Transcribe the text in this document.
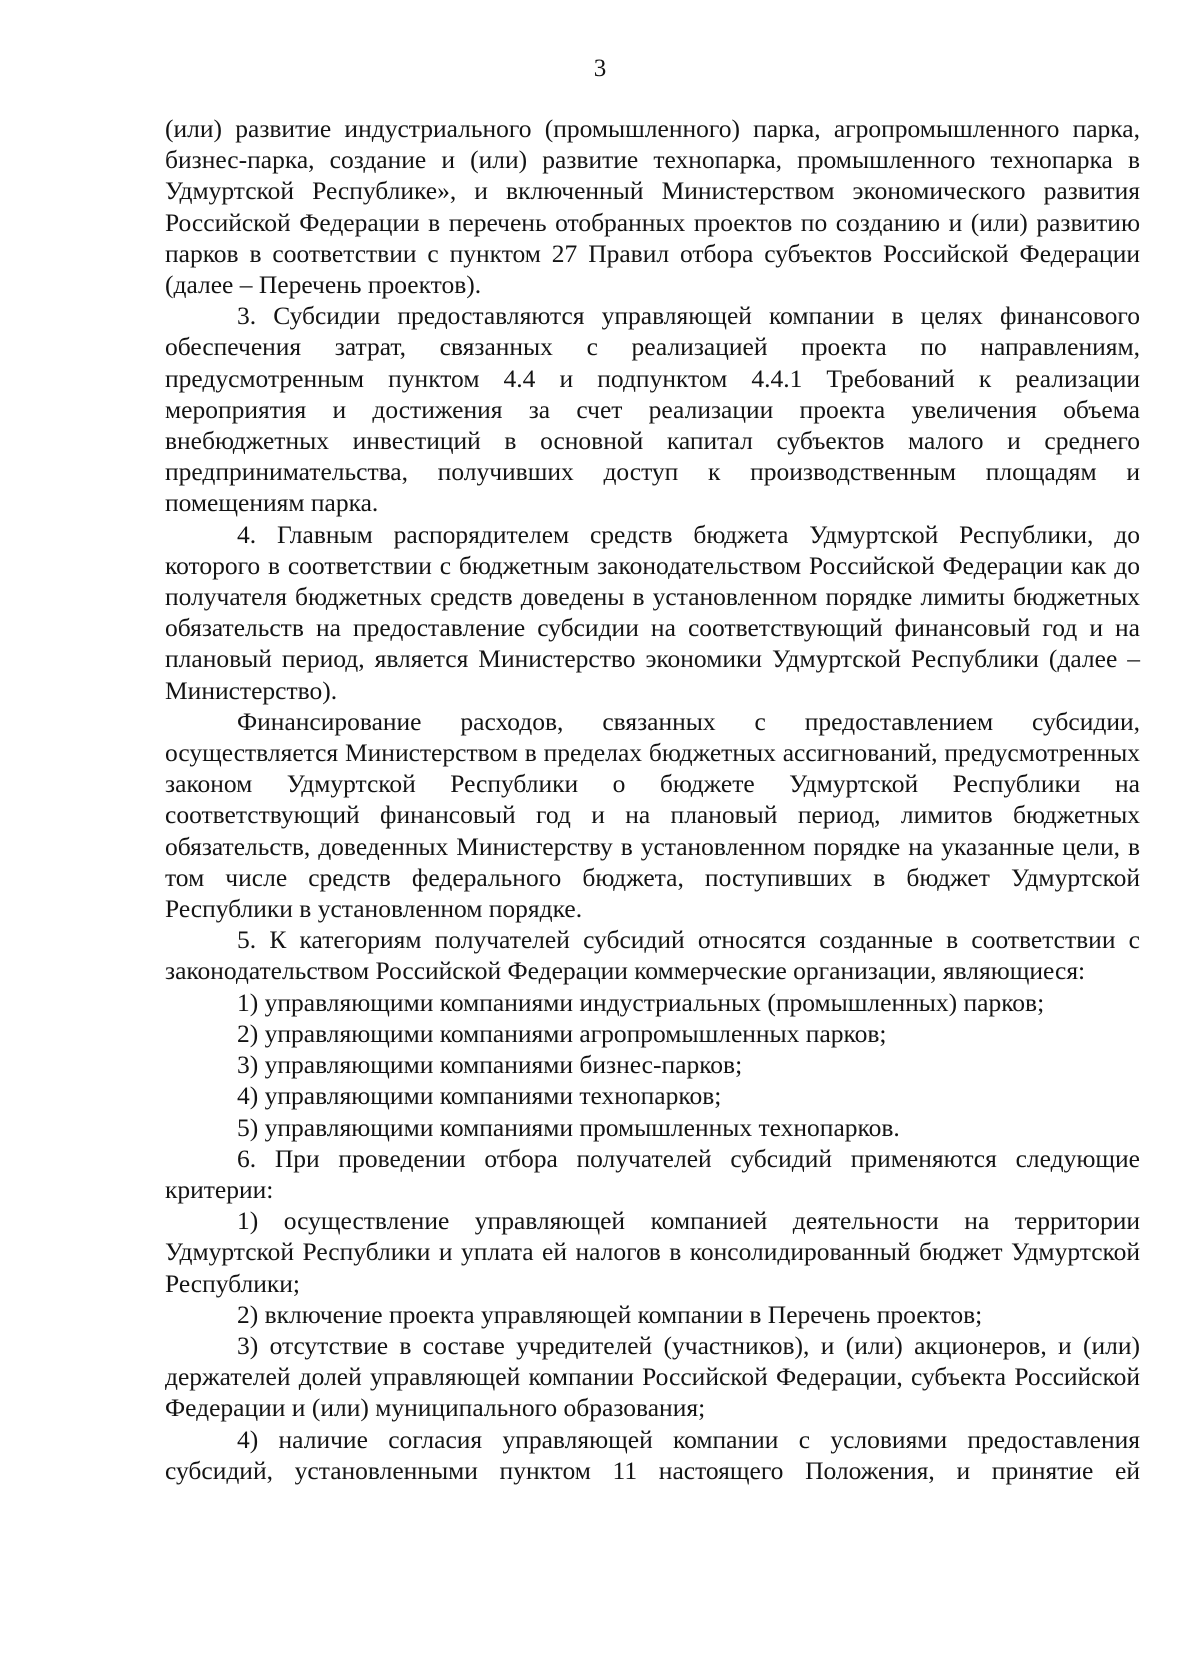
3

(или) развитие индустриального (промышленного) парка, агропромышленного парка, бизнес-парка, создание и (или) развитие технопарка, промышленного технопарка в Удмуртской Республике», и включенный Министерством экономического развития Российской Федерации в перечень отобранных проектов по созданию и (или) развитию парков в соответствии с пунктом 27 Правил отбора субъектов Российской Федерации (далее – Перечень проектов).

3. Субсидии предоставляются управляющей компании в целях финансового обеспечения затрат, связанных с реализацией проекта по направлениям, предусмотренным пунктом 4.4 и подпунктом 4.4.1 Требований к реализации мероприятия и достижения за счет реализации проекта увеличения объема внебюджетных инвестиций в основной капитал субъектов малого и среднего предпринимательства, получивших доступ к производственным площадям и помещениям парка.

4. Главным распорядителем средств бюджета Удмуртской Республики, до которого в соответствии с бюджетным законодательством Российской Федерации как до получателя бюджетных средств доведены в установленном порядке лимиты бюджетных обязательств на предоставление субсидии на соответствующий финансовый год и на плановый период, является Министерство экономики Удмуртской Республики (далее – Министерство).

Финансирование расходов, связанных с предоставлением субсидии, осуществляется Министерством в пределах бюджетных ассигнований, предусмотренных законом Удмуртской Республики о бюджете Удмуртской Республики на соответствующий финансовый год и на плановый период, лимитов бюджетных обязательств, доведенных Министерству в установленном порядке на указанные цели, в том числе средств федерального бюджета, поступивших в бюджет Удмуртской Республики в установленном порядке.

5. К категориям получателей субсидий относятся созданные в соответствии с законодательством Российской Федерации коммерческие организации, являющиеся:

1) управляющими компаниями индустриальных (промышленных) парков;

2) управляющими компаниями агропромышленных парков;

3) управляющими компаниями бизнес-парков;

4) управляющими компаниями технопарков;

5) управляющими компаниями промышленных технопарков.

6. При проведении отбора получателей субсидий применяются следующие критерии:

1) осуществление управляющей компанией деятельности на территории Удмуртской Республики и уплата ей налогов в консолидированный бюджет Удмуртской Республики;

2) включение проекта управляющей компании в Перечень проектов;

3) отсутствие в составе учредителей (участников), и (или) акционеров, и (или) держателей долей управляющей компании Российской Федерации, субъекта Российской Федерации и (или) муниципального образования;

4) наличие согласия управляющей компании с условиями предоставления субсидий, установленными пунктом 11 настоящего Положения, и принятие ей
